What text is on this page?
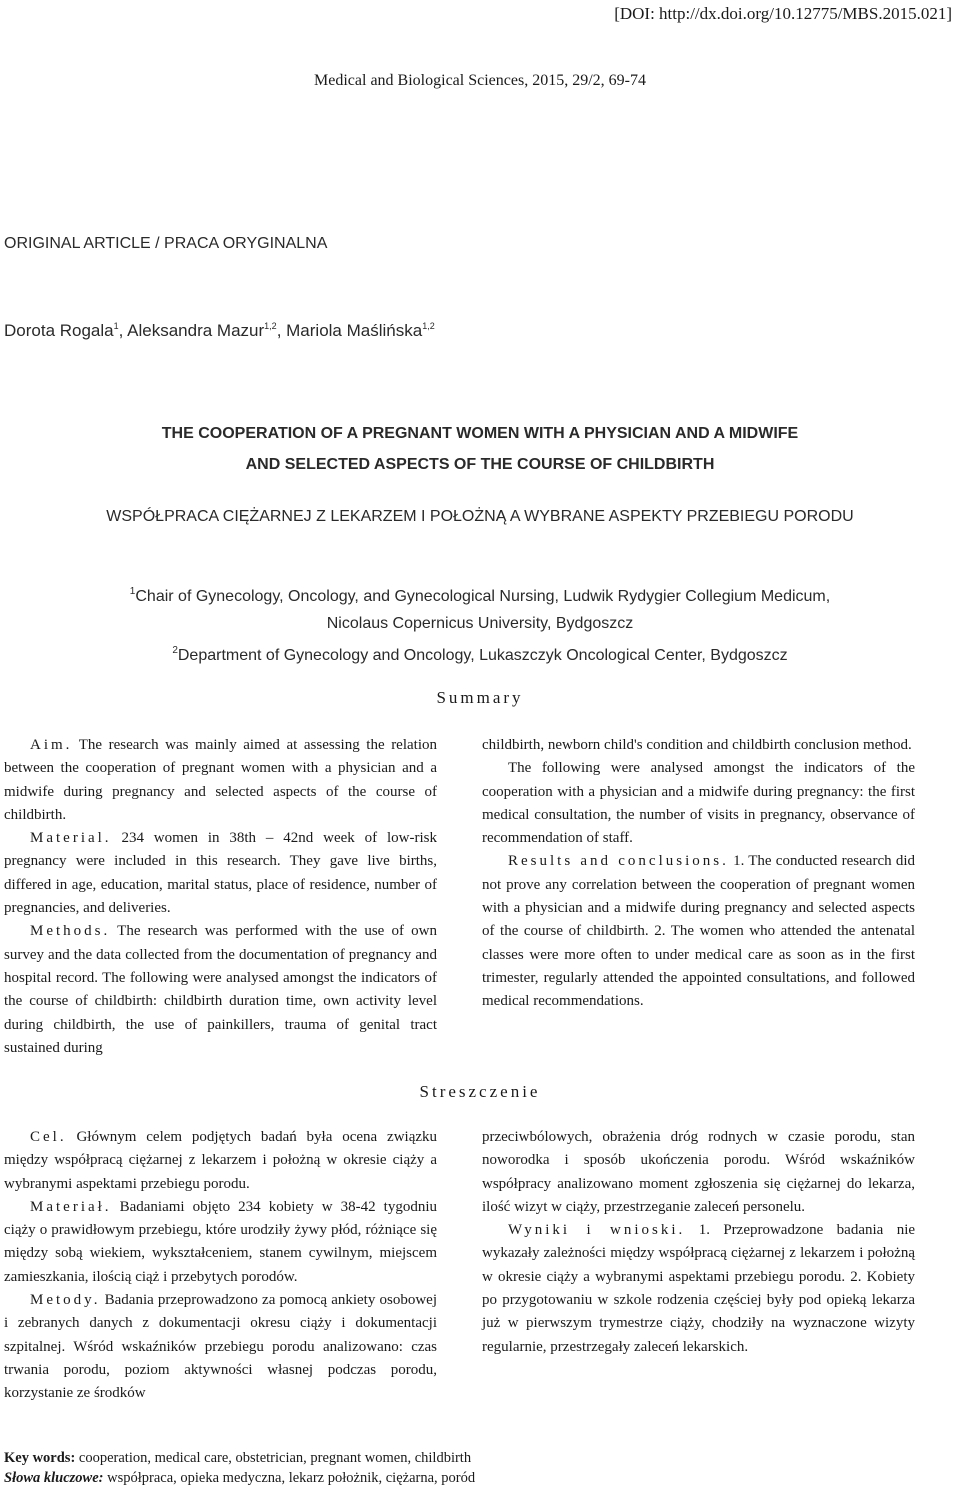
[DOI: http://dx.doi.org/10.12775/MBS.2015.021]
Medical and Biological Sciences, 2015, 29/2, 69-74
ORIGINAL ARTICLE / PRACA ORYGINALNA
Dorota Rogala$^1$, Aleksandra Mazur$^{1,2}$, Mariola Maślińska$^{1,2}$
THE COOPERATION OF A PREGNANT WOMEN WITH A PHYSICIAN AND A MIDWIFE
AND SELECTED ASPECTS OF THE COURSE OF CHILDBIRTH
WSPÓŁPRACA CIĘŻARNEJ Z LEKARZEM I POŁOŻNĄ A WYBRANE ASPEKTY PRZEBIEGU PORODU
$^1$Chair of Gynecology, Oncology, and Gynecological Nursing, Ludwik Rydygier Collegium Medicum,
Nicolaus Copernicus University, Bydgoszcz
$^2$Department of Gynecology and Oncology, Lukaszczyk Oncological Center, Bydgoszcz
Summary

Aim. The research was mainly aimed at assessing the relation between the cooperation of pregnant women with a physician and a midwife during pregnancy and selected aspects of the course of childbirth.

Material. 234 women in 38th – 42nd week of low-risk pregnancy were included in this research. They gave live births, differed in age, education, marital status, place of residence, number of pregnancies, and deliveries.

Methods. The research was performed with the use of own survey and the data collected from the documentation of pregnancy and hospital record. The following were analysed amongst the indicators of the course of childbirth: childbirth duration time, own activity level during childbirth, the use of painkillers, trauma of genital tract sustained during

childbirth, newborn child's condition and childbirth conclusion method.

The following were analysed amongst the indicators of the cooperation with a physician and a midwife during pregnancy: the first medical consultation, the number of visits in pregnancy, observance of recommendation of staff.

Results and conclusions. 1. The conducted research did not prove any correlation between the cooperation of pregnant women with a physician and a midwife during pregnancy and selected aspects of the course of childbirth. 2. The women who attended the antenatal classes were more often to under medical care as soon as in the first trimester, regularly attended the appointed consultations, and followed medical recommendations.

Streszczenie

Cel. Głównym celem podjętych badań była ocena związku między współpracą ciężarnej z lekarzem i położną w okresie ciąży a wybranymi aspektami przebiegu porodu.

Materiał. Badaniami objęto 234 kobiety w 38-42 tygodniu ciąży o prawidłowym przebiegu, które urodziły żywy płód, różniące się między sobą wiekiem, wykształceniem, stanem cywilnym, miejscem zamieszkania, ilością ciąż i przebytych porodów.

Metody. Badania przeprowadzono za pomocą ankiety osobowej i zebranych danych z dokumentacji okresu ciąży i dokumentacji szpitalnej. Wśród wskaźników przebiegu porodu analizowano: czas trwania porodu, poziom aktywności własnej podczas porodu, korzystanie ze środków

przeciwbólowych, obrażenia dróg rodnych w czasie porodu, stan noworodka i sposób ukończenia porodu. Wśród wskaźników współpracy analizowano moment zgłoszenia się ciężarnej do lekarza, ilość wizyt w ciąży, przestrzeganie zaleceń personelu.

Wyniki i wnioski. 1. Przeprowadzone badania nie wykazały zależności między współpracą ciężarnej z lekarzem i położną w okresie ciąży a wybranymi aspektami przebiegu porodu. 2. Kobiety po przygotowaniu w szkole rodzenia częściej były pod opieką lekarza już w pierwszym trymestrze ciąży, chodziły na wyznaczone wizyty regularnie, przestrzegały zaleceń lekarskich.

Key words: cooperation, medical care, obstetrician, pregnant women, childbirth
Słowa kluczowe: współpraca, opieka medyczna, lekarz położnik, ciężarna, poród
